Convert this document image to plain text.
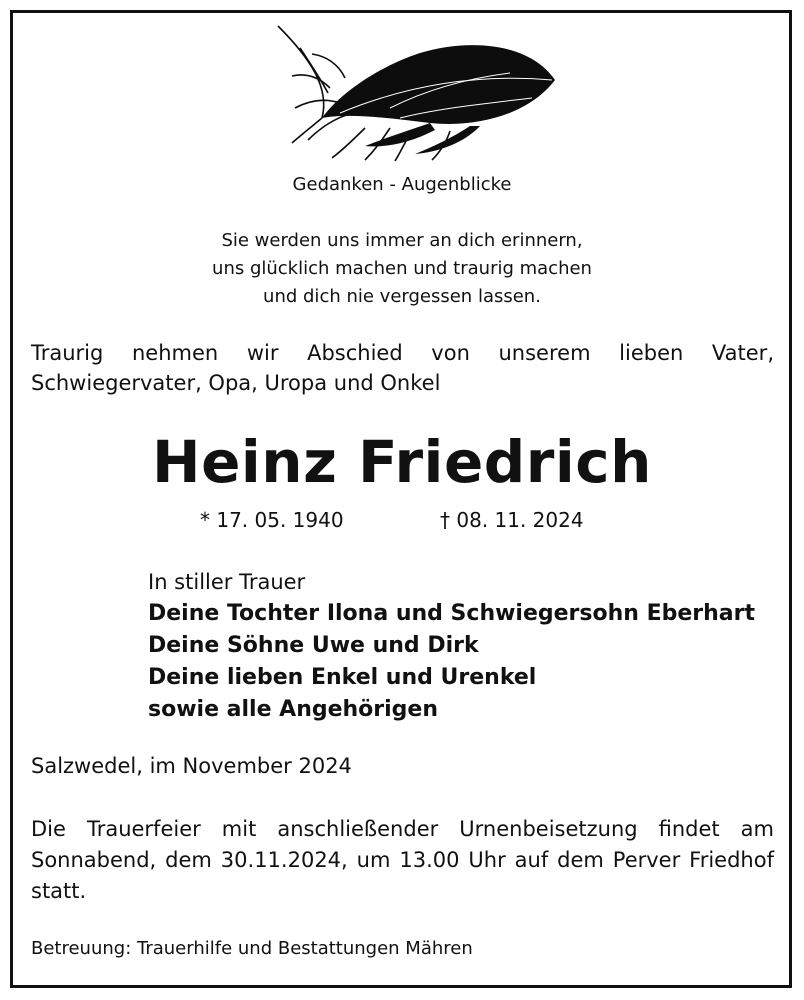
Gedanken - Augenblicke
Sie werden uns immer an dich erinnern,
uns glücklich machen und traurig machen
und dich nie vergessen lassen.
Traurig nehmen wir Abschied von unserem lieben Vater, Schwiegervater, Opa, Uropa und Onkel
Heinz Friedrich
* 17. 05. 1940	† 08. 11. 2024
In stiller Trauer
Deine Tochter Ilona und Schwiegersohn Eberhart
Deine Söhne Uwe und Dirk
Deine lieben Enkel und Urenkel
sowie alle Angehörigen
Salzwedel, im November 2024
Die Trauerfeier mit anschließender Urnenbeisetzung findet am Sonnabend, dem 30.11.2024, um 13.00 Uhr auf dem Perver Friedhof statt.
Betreuung: Trauerhilfe und Bestattungen Mähren
